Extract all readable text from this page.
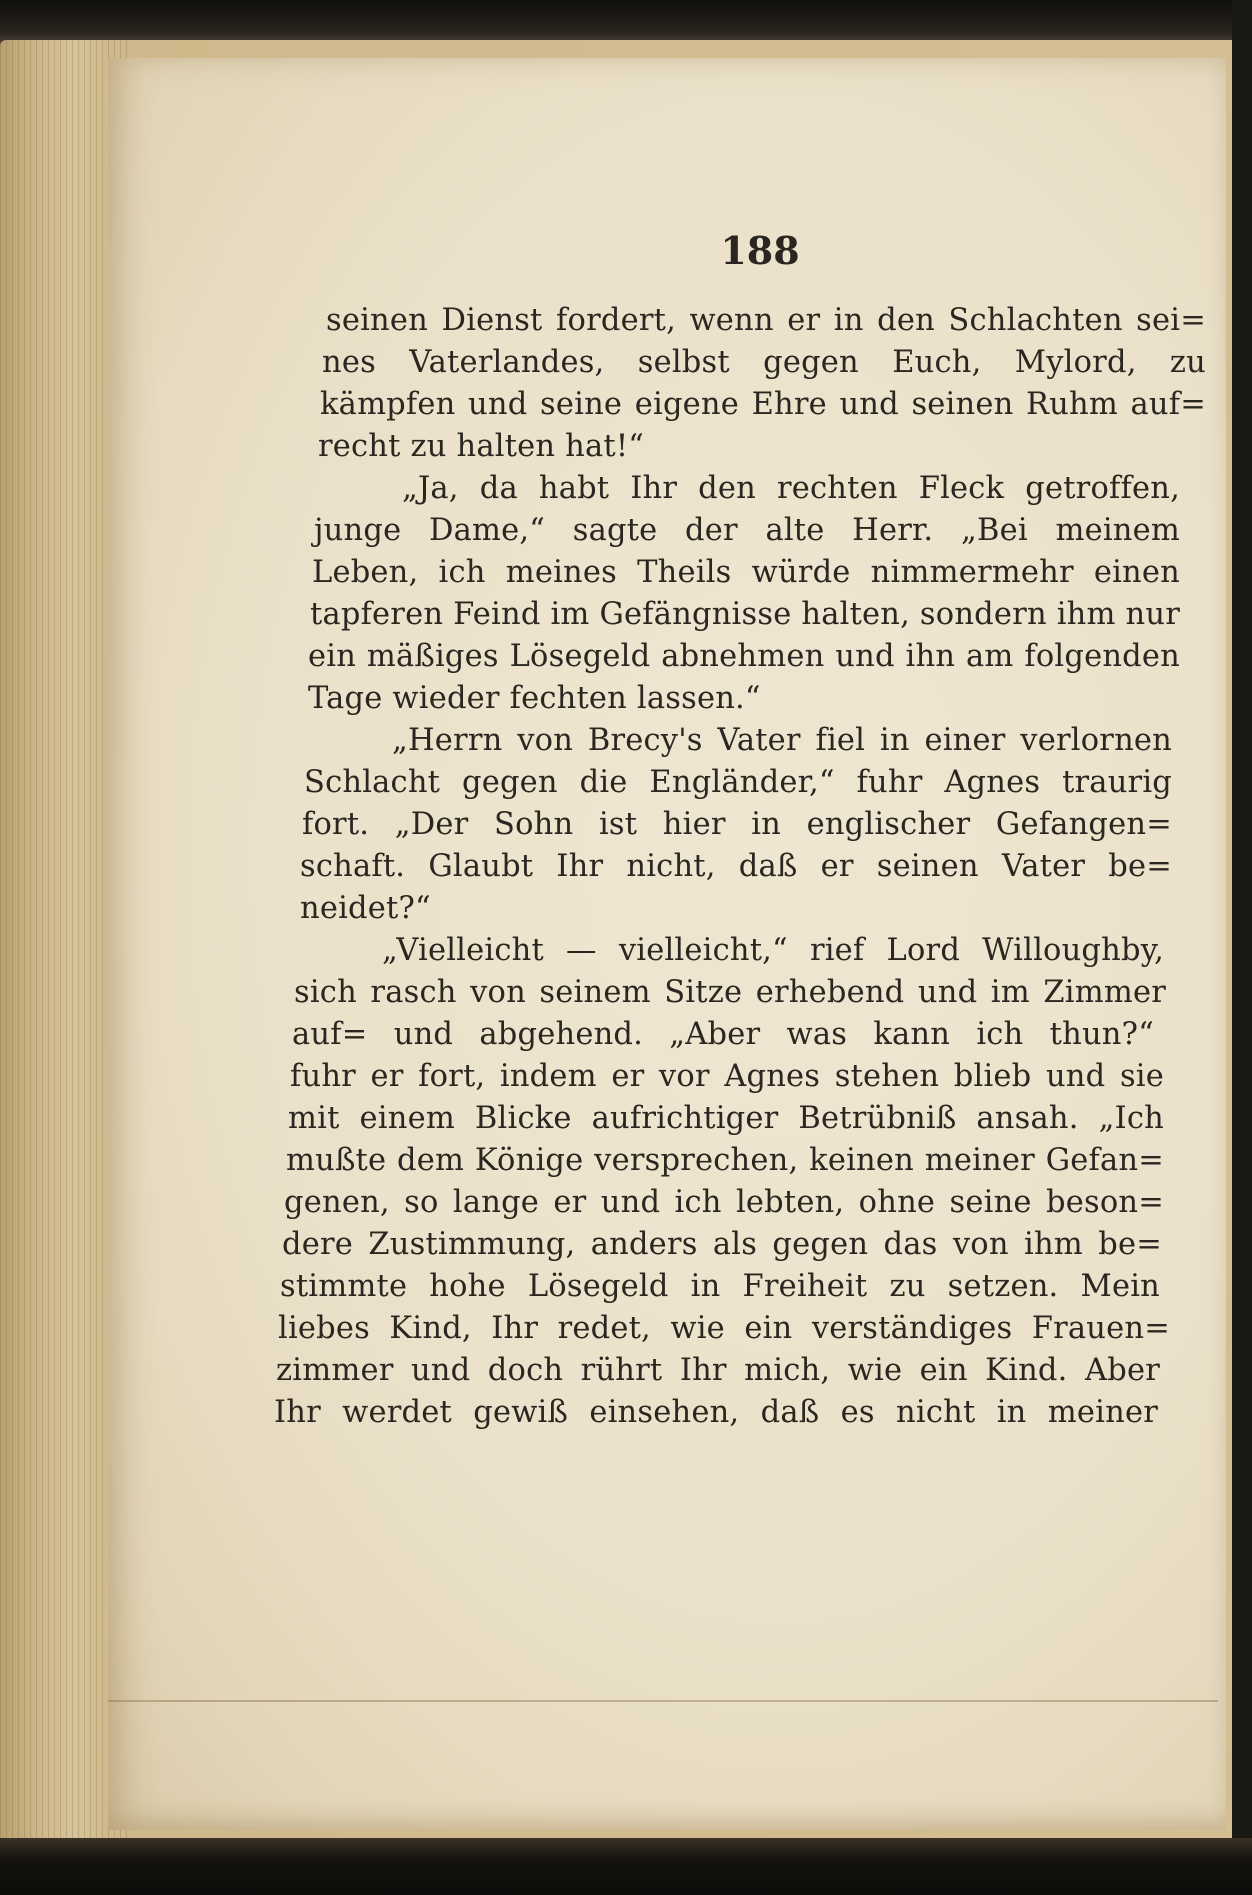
188
seinen Dienst fordert, wenn er in den Schlachten sei=
nes Vaterlandes, selbst gegen Euch, Mylord, zu
kämpfen und seine eigene Ehre und seinen Ruhm auf=
recht zu halten hat!“
„Ja, da habt Ihr den rechten Fleck getroffen,
junge Dame,“ sagte der alte Herr. „Bei meinem
Leben, ich meines Theils würde nimmermehr einen
tapferen Feind im Gefängnisse halten, sondern ihm nur
ein mäßiges Lösegeld abnehmen und ihn am folgenden
Tage wieder fechten lassen.“
„Herrn von Brecy's Vater fiel in einer verlornen
Schlacht gegen die Engländer,“ fuhr Agnes traurig
fort. „Der Sohn ist hier in englischer Gefangen=
schaft. Glaubt Ihr nicht, daß er seinen Vater be=
neidet?“
„Vielleicht — vielleicht,“ rief Lord Willoughby,
sich rasch von seinem Sitze erhebend und im Zimmer
auf= und abgehend. „Aber was kann ich thun?“
fuhr er fort, indem er vor Agnes stehen blieb und sie
mit einem Blicke aufrichtiger Betrübniß ansah. „Ich
mußte dem Könige versprechen, keinen meiner Gefan=
genen, so lange er und ich lebten, ohne seine beson=
dere Zustimmung, anders als gegen das von ihm be=
stimmte hohe Lösegeld in Freiheit zu setzen. Mein
liebes Kind, Ihr redet, wie ein verständiges Frauen=
zimmer und doch rührt Ihr mich, wie ein Kind. Aber
Ihr werdet gewiß einsehen, daß es nicht in meiner
